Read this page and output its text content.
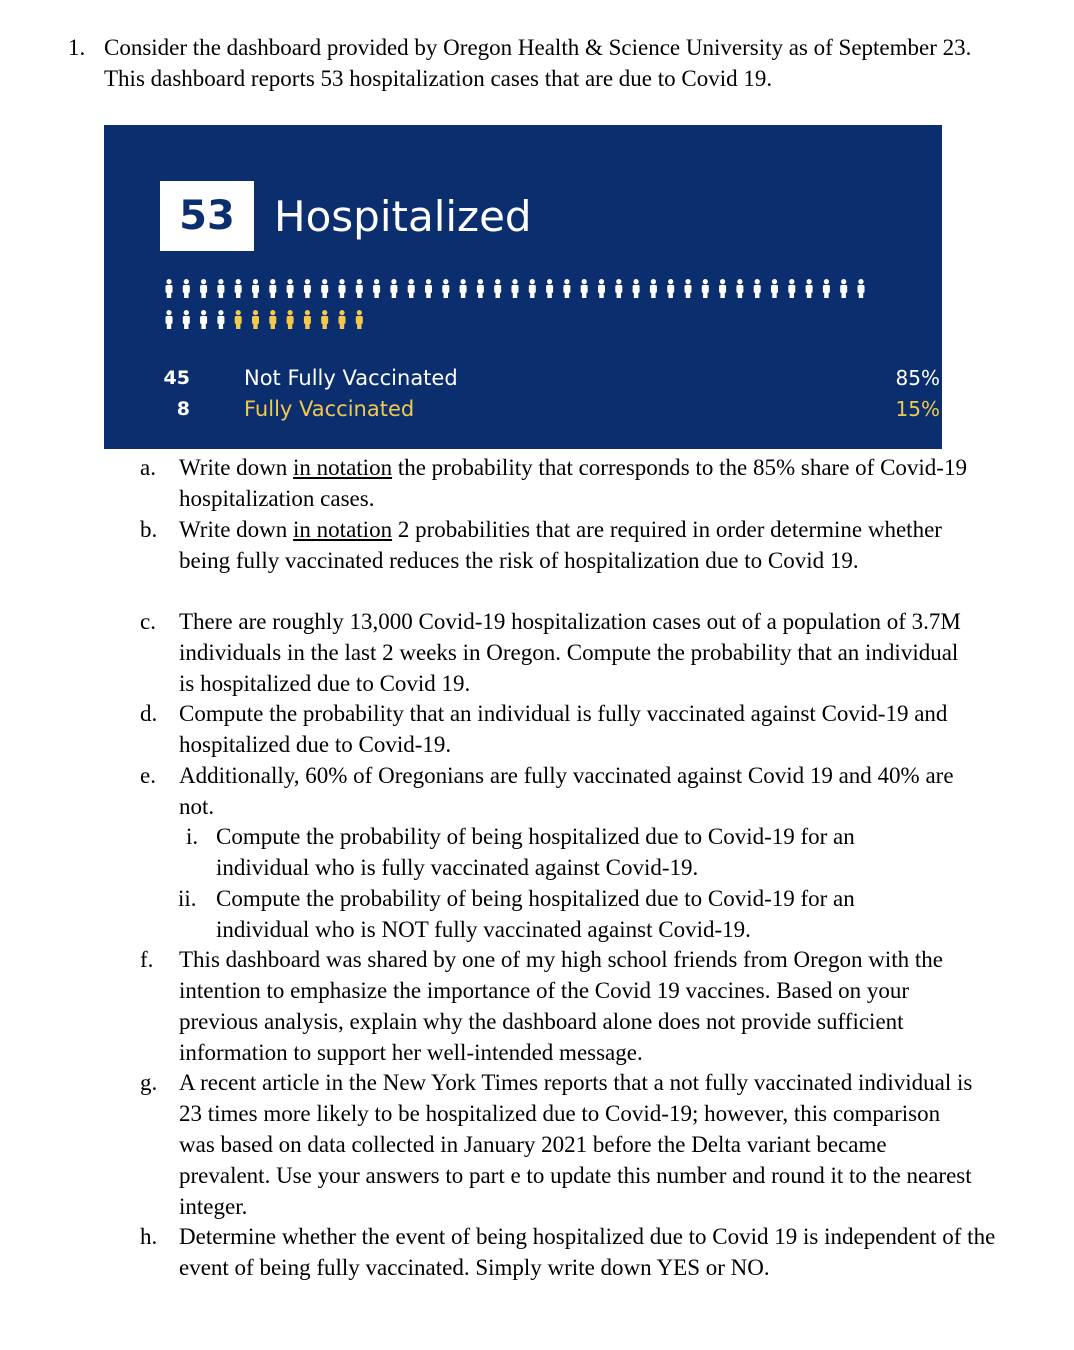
1. Consider the dashboard provided by Oregon Health & Science University as of September 23. This dashboard reports 53 hospitalization cases that are due to Covid 19.
53 Hospitalized
45	Not Fully Vaccinated	85%
8	Fully Vaccinated	15%
a. Write down in notation the probability that corresponds to the 85% share of Covid-19 hospitalization cases.
b. Write down in notation 2 probabilities that are required in order determine whether being fully vaccinated reduces the risk of hospitalization due to Covid 19.
c. There are roughly 13,000 Covid-19 hospitalization cases out of a population of 3.7M individuals in the last 2 weeks in Oregon. Compute the probability that an individual is hospitalized due to Covid 19.
d. Compute the probability that an individual is fully vaccinated against Covid-19 and hospitalized due to Covid-19.
e. Additionally, 60% of Oregonians are fully vaccinated against Covid 19 and 40% are not.
i. Compute the probability of being hospitalized due to Covid-19 for an individual who is fully vaccinated against Covid-19.
ii. Compute the probability of being hospitalized due to Covid-19 for an individual who is NOT fully vaccinated against Covid-19.
f. This dashboard was shared by one of my high school friends from Oregon with the intention to emphasize the importance of the Covid 19 vaccines. Based on your previous analysis, explain why the dashboard alone does not provide sufficient information to support her well-intended message.
g. A recent article in the New York Times reports that a not fully vaccinated individual is 23 times more likely to be hospitalized due to Covid-19; however, this comparison was based on data collected in January 2021 before the Delta variant became prevalent. Use your answers to part e to update this number and round it to the nearest integer.
h. Determine whether the event of being hospitalized due to Covid 19 is independent of the event of being fully vaccinated. Simply write down YES or NO.
